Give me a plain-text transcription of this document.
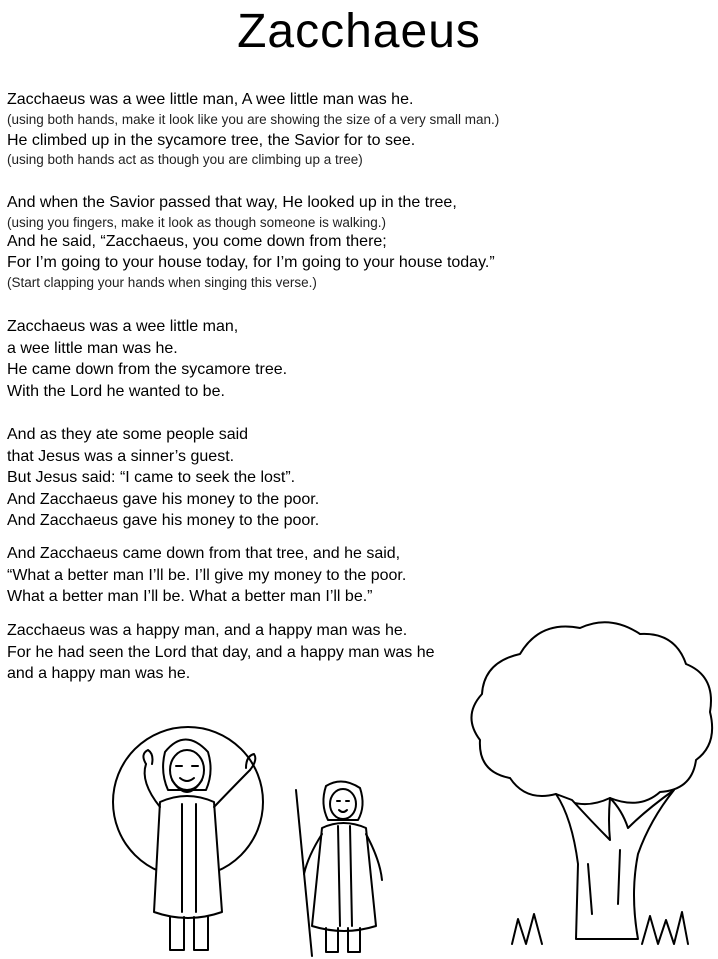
Zacchaeus
Zacchaeus was a wee little man, A wee little man was he.
(using both hands, make it look like you are showing the size of a very small man.)
He climbed up in the sycamore tree, the Savior for to see.
(using both hands act as though you are climbing up a tree)
And when the Savior passed that way, He looked up in the tree,
(using you fingers, make it look as though someone is walking.)
And he said, “Zacchaeus, you come down from there;
For I’m going to your house today, for I’m going to your house today.”
(Start clapping your hands when singing this verse.)
Zacchaeus was a wee little man,
a wee little man was he.
He came down from the sycamore tree.
With the Lord he wanted to be.
And as they ate some people said
that Jesus was a sinner’s guest.
But Jesus said: “I came to seek the lost”.
And Zacchaeus gave his money to the poor.
And Zacchaeus gave his money to the poor.
And Zacchaeus came down from that tree, and he said,
“What a better man I’ll be. I’ll give my money to the poor.
What a better man I’ll be. What a better man I’ll be.”
Zacchaeus was a happy man, and a happy man was he.
For he had seen the Lord that day, and a happy man was he
and a happy man was he.
